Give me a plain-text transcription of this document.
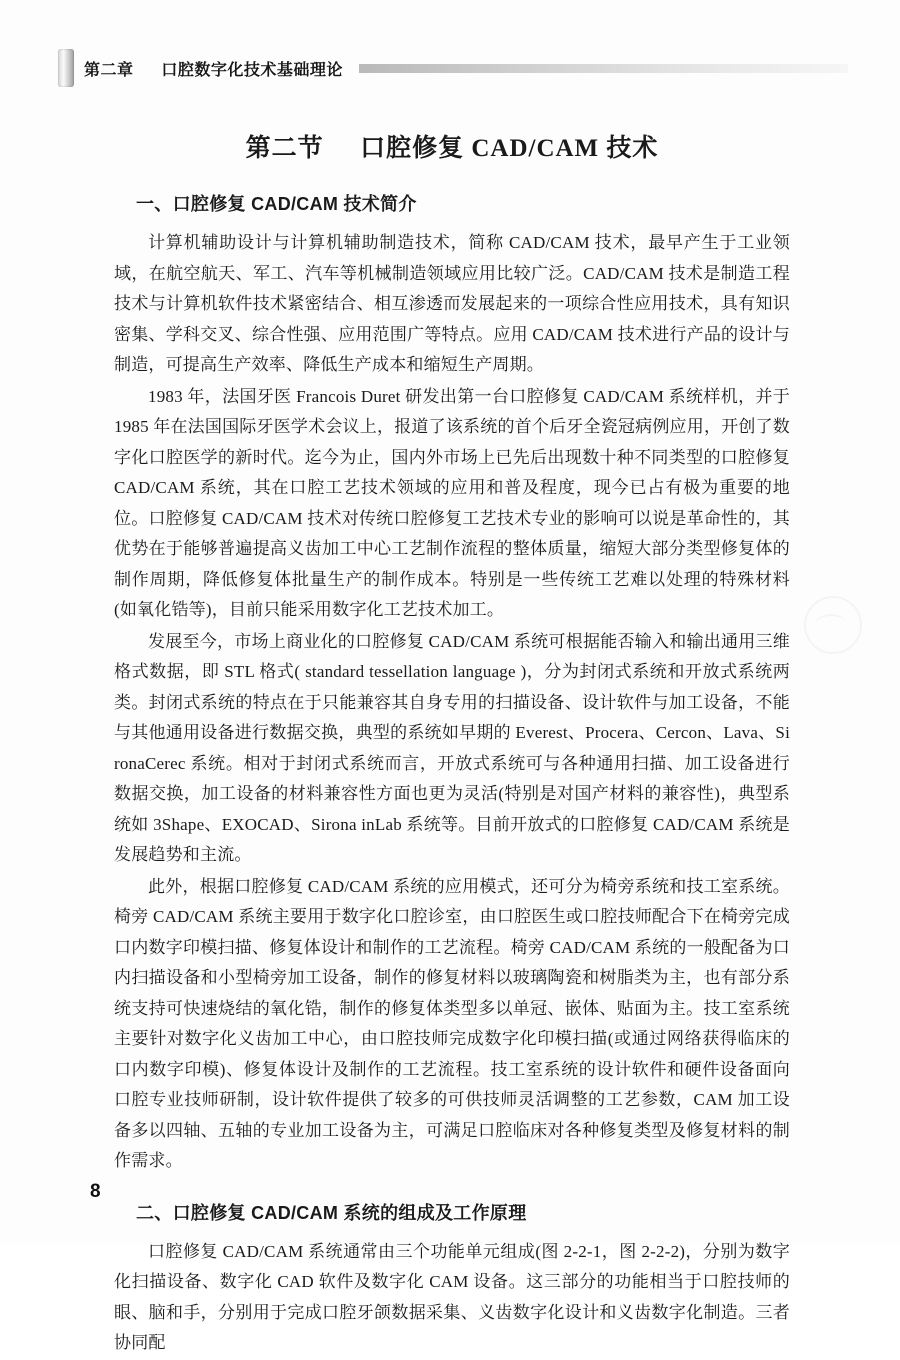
第二章 口腔数字化技术基础理论
第二节 口腔修复 CAD/CAM 技术
一、口腔修复 CAD/CAM 技术简介

计算机辅助设计与计算机辅助制造技术，简称 CAD/CAM 技术，最早产生于工业领域，在航空航天、军工、汽车等机械制造领域应用比较广泛。CAD/CAM 技术是制造工程技术与计算机软件技术紧密结合、相互渗透而发展起来的一项综合性应用技术，具有知识密集、学科交叉、综合性强、应用范围广等特点。应用 CAD/CAM 技术进行产品的设计与制造，可提高生产效率、降低生产成本和缩短生产周期。

1983 年，法国牙医 Francois Duret 研发出第一台口腔修复 CAD/CAM 系统样机，并于 1985 年在法国国际牙医学术会议上，报道了该系统的首个后牙全瓷冠病例应用，开创了数字化口腔医学的新时代。迄今为止，国内外市场上已先后出现数十种不同类型的口腔修复 CAD/CAM 系统，其在口腔工艺技术领域的应用和普及程度，现今已占有极为重要的地位。口腔修复 CAD/CAM 技术对传统口腔修复工艺技术专业的影响可以说是革命性的，其优势在于能够普遍提高义齿加工中心工艺制作流程的整体质量，缩短大部分类型修复体的制作周期，降低修复体批量生产的制作成本。特别是一些传统工艺难以处理的特殊材料(如氧化锆等)，目前只能采用数字化工艺技术加工。

发展至今，市场上商业化的口腔修复 CAD/CAM 系统可根据能否输入和输出通用三维格式数据，即 STL 格式( standard tessellation language )，分为封闭式系统和开放式系统两类。封闭式系统的特点在于只能兼容其自身专用的扫描设备、设计软件与加工设备，不能与其他通用设备进行数据交换，典型的系统如早期的 Everest、Procera、Cercon、Lava、SironaCerec 系统。相对于封闭式系统而言，开放式系统可与各种通用扫描、加工设备进行数据交换，加工设备的材料兼容性方面也更为灵活(特别是对国产材料的兼容性)，典型系统如 3Shape、EXOCAD、Sirona inLab 系统等。目前开放式的口腔修复 CAD/CAM 系统是发展趋势和主流。

此外，根据口腔修复 CAD/CAM 系统的应用模式，还可分为椅旁系统和技工室系统。椅旁 CAD/CAM 系统主要用于数字化口腔诊室，由口腔医生或口腔技师配合下在椅旁完成口内数字印模扫描、修复体设计和制作的工艺流程。椅旁 CAD/CAM 系统的一般配备为口内扫描设备和小型椅旁加工设备，制作的修复材料以玻璃陶瓷和树脂类为主，也有部分系统支持可快速烧结的氧化锆，制作的修复体类型多以单冠、嵌体、贴面为主。技工室系统主要针对数字化义齿加工中心，由口腔技师完成数字化印模扫描(或通过网络获得临床的口内数字印模)、修复体设计及制作的工艺流程。技工室系统的设计软件和硬件设备面向口腔专业技师研制，设计软件提供了较多的可供技师灵活调整的工艺参数，CAM 加工设备多以四轴、五轴的专业加工设备为主，可满足口腔临床对各种修复类型及修复材料的制作需求。

二、口腔修复 CAD/CAM 系统的组成及工作原理

口腔修复 CAD/CAM 系统通常由三个功能单元组成(图 2-2-1，图 2-2-2)，分别为数字化扫描设备、数字化 CAD 软件及数字化 CAM 设备。这三部分的功能相当于口腔技师的眼、脑和手，分别用于完成口腔牙颌数据采集、义齿数字化设计和义齿数字化制造。三者协同配

8
